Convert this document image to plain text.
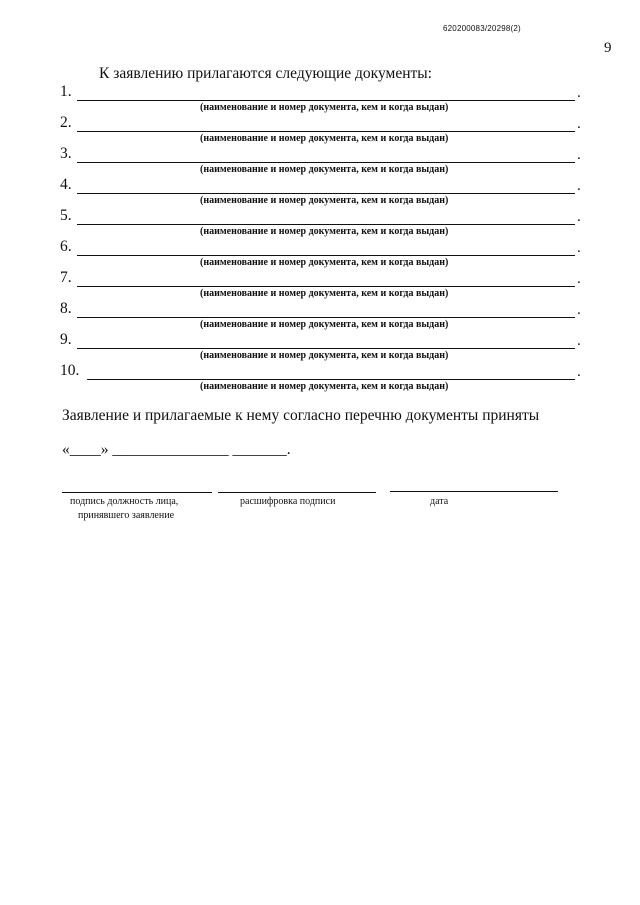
620200083/20298(2)
9
К заявлению прилагаются следующие документы:
1.	.
(наименование и номер документа, кем и когда выдан)
2.	.
(наименование и номер документа, кем и когда выдан)
3.	.
(наименование и номер документа, кем и когда выдан)
4.	.
(наименование и номер документа, кем и когда выдан)
5.	.
(наименование и номер документа, кем и когда выдан)
6.	.
(наименование и номер документа, кем и когда выдан)
7.	.
(наименование и номер документа, кем и когда выдан)
8.	.
(наименование и номер документа, кем и когда выдан)
9.	.
(наименование и номер документа, кем и когда выдан)
10.	.
(наименование и номер документа, кем и когда выдан)
Заявление и прилагаемые к нему согласно перечню документы приняты
«____» _______________ _______.
подпись должность лица,
принявшего заявление
расшифровка подписи	дата
